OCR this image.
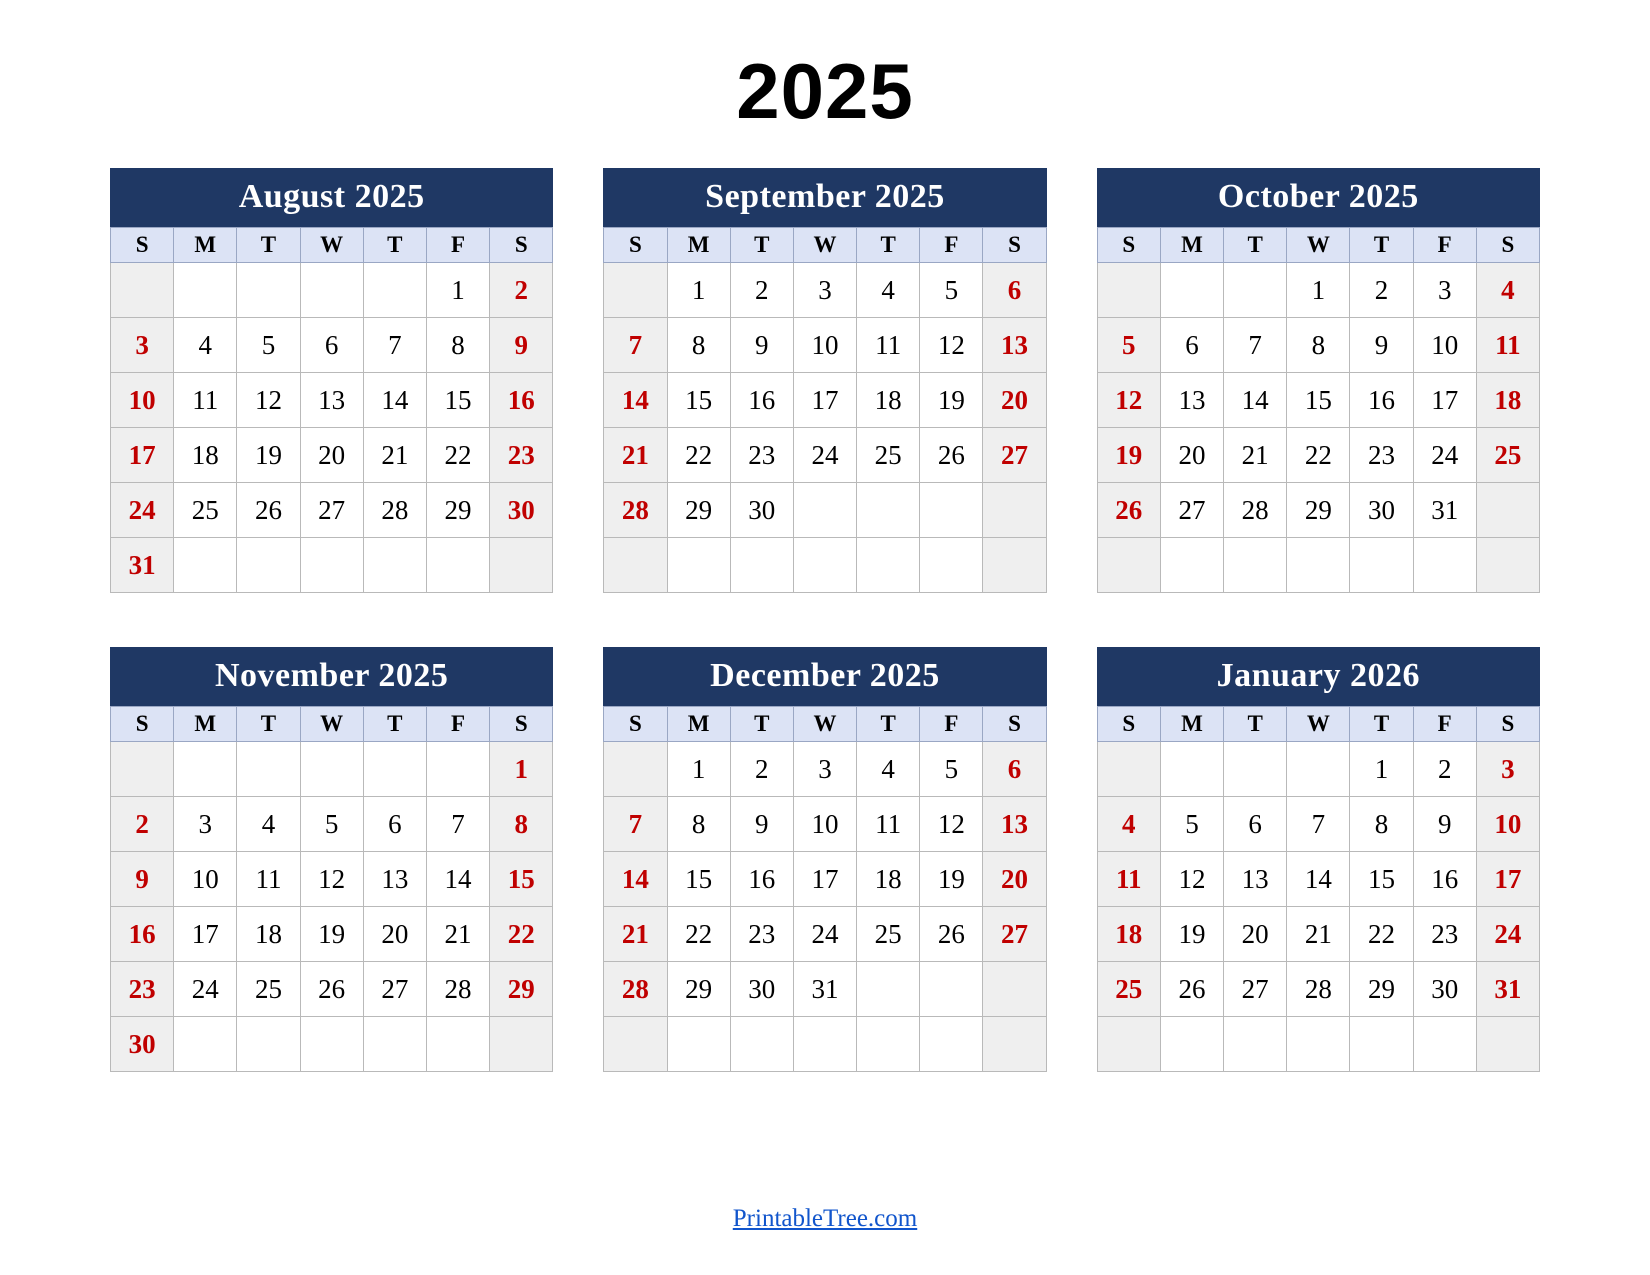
2025
August 2025
S	M	T	W	T	F	S
					1	2
3	4	5	6	7	8	9
10	11	12	13	14	15	16
17	18	19	20	21	22	23
24	25	26	27	28	29	30
31						
September 2025
S	M	T	W	T	F	S
	1	2	3	4	5	6
7	8	9	10	11	12	13
14	15	16	17	18	19	20
21	22	23	24	25	26	27
28	29	30				

October 2025
S	M	T	W	T	F	S
			1	2	3	4
5	6	7	8	9	10	11
12	13	14	15	16	17	18
19	20	21	22	23	24	25
26	27	28	29	30	31	

November 2025
S	M	T	W	T	F	S
						1
2	3	4	5	6	7	8
9	10	11	12	13	14	15
16	17	18	19	20	21	22
23	24	25	26	27	28	29
30						
December 2025
S	M	T	W	T	F	S
	1	2	3	4	5	6
7	8	9	10	11	12	13
14	15	16	17	18	19	20
21	22	23	24	25	26	27
28	29	30	31			

January 2026
S	M	T	W	T	F	S
				1	2	3
4	5	6	7	8	9	10
11	12	13	14	15	16	17
18	19	20	21	22	23	24
25	26	27	28	29	30	31

PrintableTree.com
